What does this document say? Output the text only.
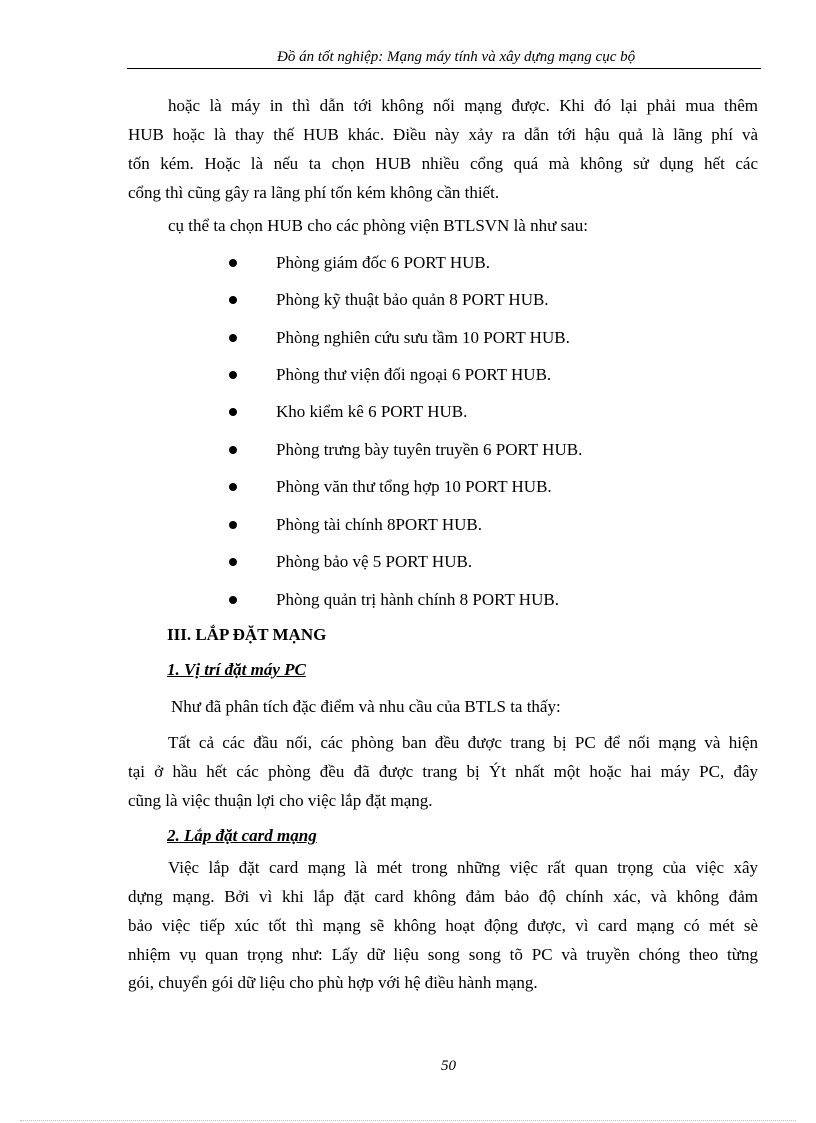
Đồ án tốt nghiệp: Mạng máy tính và xây dựng mạng cục bộ
hoặc là máy in thì dẫn tới không nối mạng được. Khi đó lại phải mua thêm
HUB hoặc là thay thế HUB khác. Điều này xảy ra dẫn tới hậu quả là lãng phí và
tốn kém. Hoặc là nếu ta chọn HUB nhiều cổng quá mà không sử dụng hết các
cổng thì cũng gây ra lãng phí tốn kém không cần thiết.
cụ thể ta chọn HUB cho các phòng viện BTLSVN là như sau:
Phòng giám đốc 6 PORT HUB.
Phòng kỹ thuật bảo quản 8 PORT HUB.
Phòng nghiên cứu sưu tầm 10 PORT HUB.
Phòng thư viện đối ngoại 6 PORT HUB.
Kho kiểm kê 6 PORT HUB.
Phòng trưng bày tuyên truyền 6 PORT HUB.
Phòng văn thư tổng hợp 10 PORT HUB.
Phòng tài chính 8PORT HUB.
Phòng bảo vệ 5 PORT HUB.
Phòng quản trị hành chính 8 PORT HUB.
III. LẮP ĐẶT MẠNG
1. Vị trí đặt máy PC
Như đã phân tích đặc điểm và nhu cầu của BTLS ta thấy:
Tất cả các đầu nối, các phòng ban đều được trang bị PC để nối mạng và hiện
tại ở hầu hết các phòng đều đã được trang bị Ýt nhất một hoặc hai máy PC, đây
cũng là việc thuận lợi cho việc lắp đặt mạng.
2. Lắp đặt card mạng
Việc lắp đặt card mạng là mét trong những việc rất quan trọng của việc xây
dựng mạng. Bởi vì khi lắp đặt card không đảm bảo độ chính xác, và không đảm
bảo việc tiếp xúc tốt thì mạng sẽ không hoạt động được, vì card mạng có mét sè
nhiệm vụ quan trọng như: Lấy dữ liệu song song tõ PC và truyền chóng theo từng
gói, chuyển gói dữ liệu cho phù hợp với hệ điều hành mạng.
50
